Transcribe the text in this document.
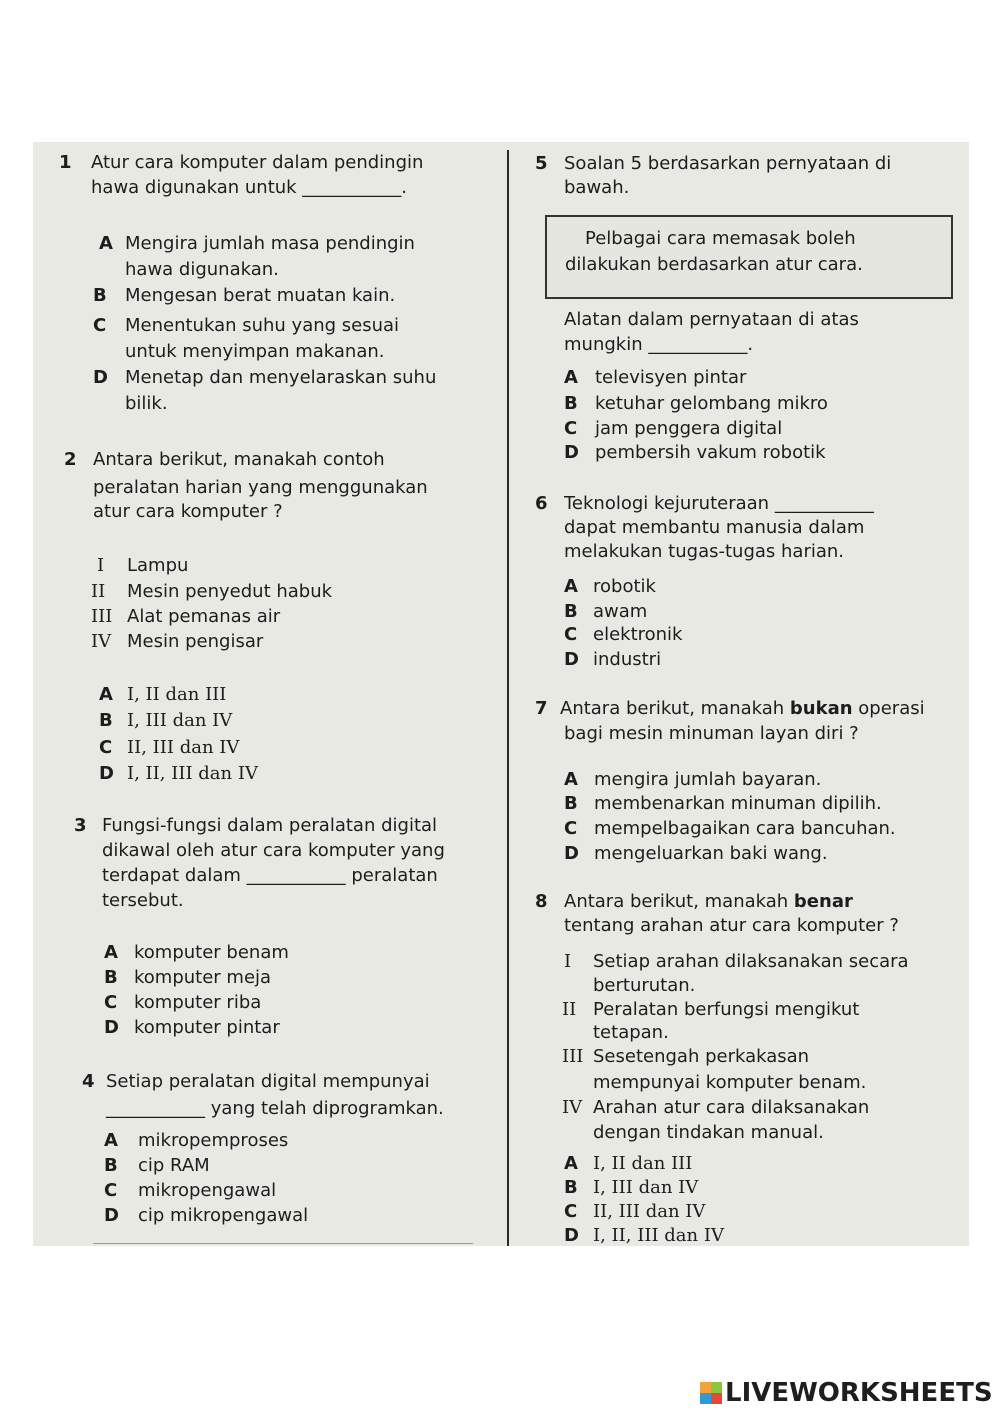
1 Atur cara komputer dalam pendingin
hawa digunakan untuk ___________.
A Mengira jumlah masa pendingin
hawa digunakan.
B Mengesan berat muatan kain.
C Menentukan suhu yang sesuai
untuk menyimpan makanan.
D Menetap dan menyelaraskan suhu
bilik.
2 Antara berikut, manakah contoh
peralatan harian yang menggunakan
atur cara komputer ?
I Lampu
II Mesin penyedut habuk
III Alat pemanas air
IV Mesin pengisar
A I, II dan III
B I, III dan IV
C II, III dan IV
D I, II, III dan IV
3 Fungsi-fungsi dalam peralatan digital
dikawal oleh atur cara komputer yang
terdapat dalam ___________ peralatan
tersebut.
A komputer benam
B komputer meja
C komputer riba
D komputer pintar
4 Setiap peralatan digital mempunyai
___________ yang telah diprogramkan.
A mikropemproses
B cip RAM
C mikropengawal
D cip mikropengawal
5 Soalan 5 berdasarkan pernyataan di
bawah.
Pelbagai cara memasak boleh
dilakukan berdasarkan atur cara.
Alatan dalam pernyataan di atas
mungkin ___________.
A televisyen pintar
B ketuhar gelombang mikro
C jam penggera digital
D pembersih vakum robotik
6 Teknologi kejuruteraan ___________
dapat membantu manusia dalam
melakukan tugas-tugas harian.
A robotik
B awam
C elektronik
D industri
7 Antara berikut, manakah bukan operasi
bagi mesin minuman layan diri ?
A mengira jumlah bayaran.
B membenarkan minuman dipilih.
C mempelbagaikan cara bancuhan.
D mengeluarkan baki wang.
8 Antara berikut, manakah benar
tentang arahan atur cara komputer ?
I Setiap arahan dilaksanakan secara
berturutan.
II Peralatan berfungsi mengikut
tetapan.
III Sesetengah perkakasan
mempunyai komputer benam.
IV Arahan atur cara dilaksanakan
dengan tindakan manual.
A I, II dan III
B I, III dan IV
C II, III dan IV
D I, II, III dan IV
LIVEWORKSHEETS
